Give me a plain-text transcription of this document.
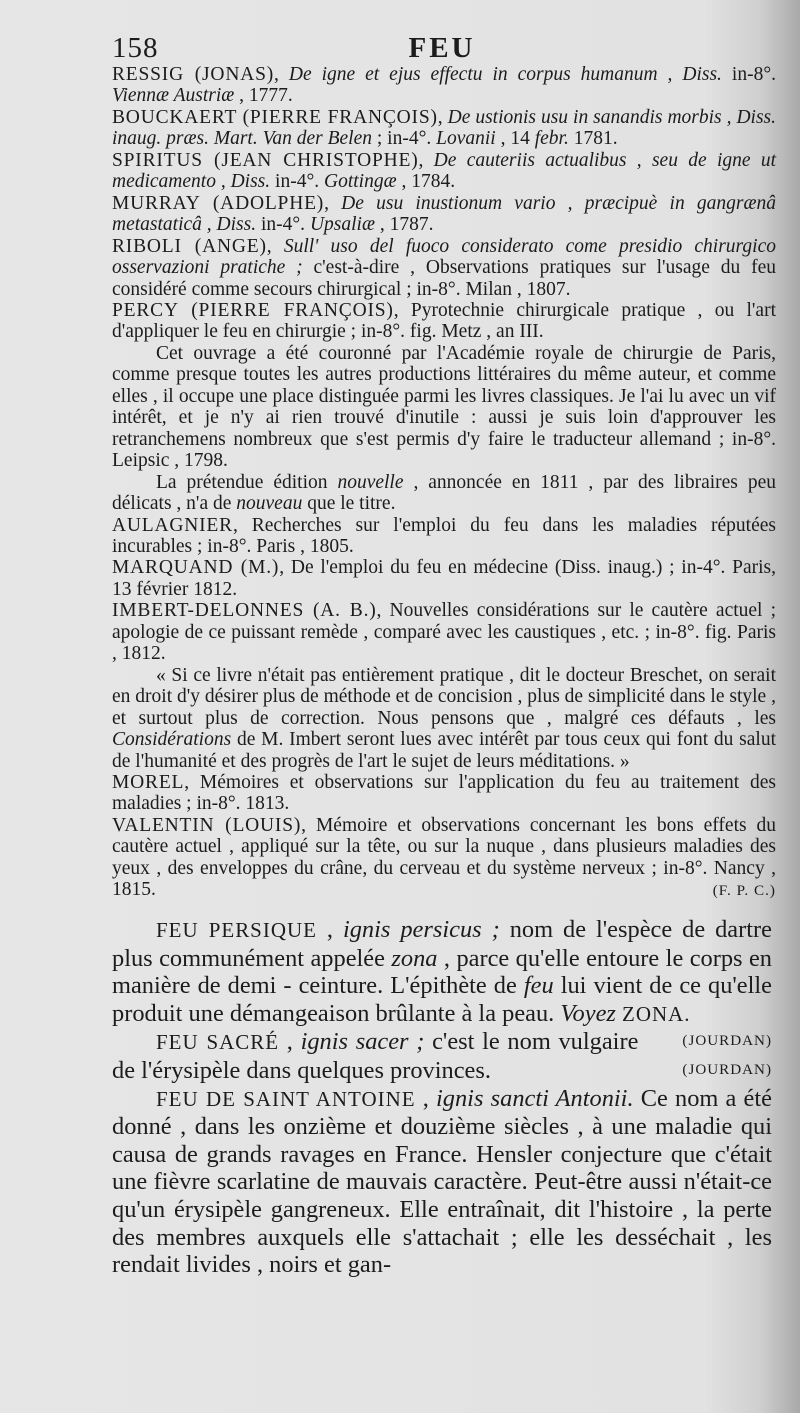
158	FEU

RESSIG (JONAS), De igne et ejus effectu in corpus humanum , Diss. in-8°. Viennæ Austriæ , 1777.

BOUCKAERT (PIERRE FRANÇOIS), De ustionis usu in sanandis morbis , Diss. inaug. præs. Mart. Van der Belen ; in-4°. Lovanii , 14 febr. 1781.

SPIRITUS (JEAN CHRISTOPHE), De cauteriis actualibus , seu de igne ut medicamento , Diss. in-4°. Gottingæ , 1784.

MURRAY (ADOLPHE), De usu inustionum vario , præcipuè in gangrænâ metastaticâ , Diss. in-4°. Upsaliæ , 1787.

RIBOLI (ANGE), Sull' uso del fuoco considerato come presidio chirurgico osservazioni pratiche ; c'est-à-dire , Observations pratiques sur l'usage du feu considéré comme secours chirurgical ; in-8°. Milan , 1807.

PERCY (PIERRE FRANÇOIS), Pyrotechnie chirurgicale pratique , ou l'art d'appliquer le feu en chirurgie ; in-8°. fig. Metz , an III.

Cet ouvrage a été couronné par l'Académie royale de chirurgie de Paris, comme presque toutes les autres productions littéraires du même auteur, et comme elles , il occupe une place distinguée parmi les livres classiques. Je l'ai lu avec un vif intérêt, et je n'y ai rien trouvé d'inutile : aussi je suis loin d'approuver les retranchemens nombreux que s'est permis d'y faire le traducteur allemand ; in-8°. Leipsic , 1798.

La prétendue édition nouvelle , annoncée en 1811 , par des libraires peu délicats , n'a de nouveau que le titre.

AULAGNIER, Recherches sur l'emploi du feu dans les maladies réputées incurables ; in-8°. Paris , 1805.

MARQUAND (M.), De l'emploi du feu en médecine (Diss. inaug.) ; in-4°. Paris, 13 février 1812.

IMBERT-DELONNES (A. B.), Nouvelles considérations sur le cautère actuel ; apologie de ce puissant remède , comparé avec les caustiques , etc. ; in-8°. fig. Paris , 1812.

« Si ce livre n'était pas entièrement pratique , dit le docteur Breschet, on serait en droit d'y désirer plus de méthode et de concision , plus de simplicité dans le style , et surtout plus de correction. Nous pensons que , malgré ces défauts , les Considérations de M. Imbert seront lues avec intérêt par tous ceux qui font du salut de l'humanité et des progrès de l'art le sujet de leurs méditations. »

MOREL, Mémoires et observations sur l'application du feu au traitement des maladies ; in-8°. 1813.

VALENTIN (LOUIS), Mémoire et observations concernant les bons effets du cautère actuel , appliqué sur la tête, ou sur la nuque , dans plusieurs maladies des yeux , des enveloppes du crâne, du cerveau et du système nerveux ; in-8°. Nancy , 1815.	(F. P. C.)

FEU PERSIQUE , ignis persicus ; nom de l'espèce de dartre plus communément appelée zona , parce qu'elle entoure le corps en manière de demi - ceinture. L'épithète de feu lui vient de ce qu'elle produit une démangeaison brûlante à la peau. Voyez ZONA.
(JOURDAN)

FEU SACRÉ , ignis sacer ; c'est le nom vulgaire de l'érysipèle dans quelques provinces.	(JOURDAN)

FEU DE SAINT ANTOINE , ignis sancti Antonii. Ce nom a été donné , dans les onzième et douzième siècles , à une maladie qui causa de grands ravages en France. Hensler conjecture que c'était une fièvre scarlatine de mauvais caractère. Peut-être aussi n'était-ce qu'un érysipèle gangreneux. Elle entraînait, dit l'histoire , la perte des membres auxquels elle s'attachait ; elle les desséchait , les rendait livides , noirs et gan-
